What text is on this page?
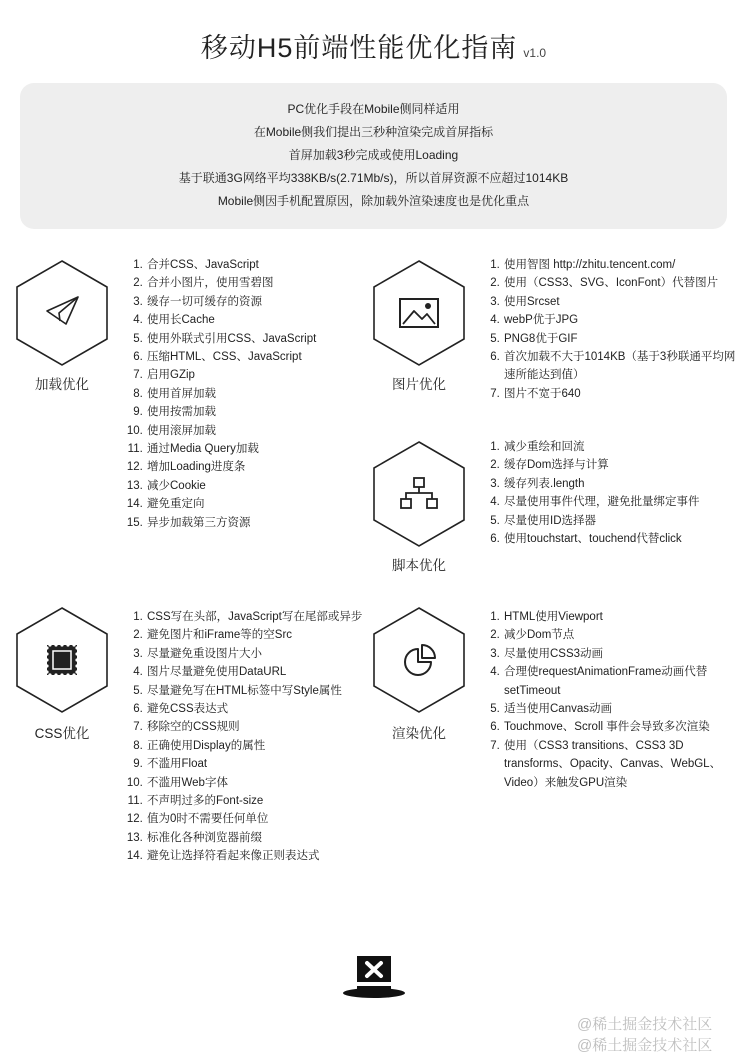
移动H5前端性能优化指南 v1.0
PC优化手段在Mobile侧同样适用
在Mobile侧我们提出三秒种渲染完成首屏指标
首屏加载3秒完成或使用Loading
基于联通3G网络平均338KB/s(2.71Mb/s)，所以首屏资源不应超过1014KB
Mobile侧因手机配置原因，除加载外渲染速度也是优化重点
加载优化
1. 合并CSS、JavaScript
2. 合并小图片，使用雪碧图
3. 缓存一切可缓存的资源
4. 使用长Cache
5. 使用外联式引用CSS、JavaScript
6. 压缩HTML、CSS、JavaScript
7. 启用GZip
8. 使用首屏加载
9. 使用按需加载
10. 使用滚屏加载
11. 通过Media Query加载
12. 增加Loading进度条
13. 减少Cookie
14. 避免重定向
15. 异步加载第三方资源
图片优化
1. 使用智图 http://zhitu.tencent.com/
2. 使用（CSS3、SVG、IconFont）代替图片
3. 使用Srcset
4. webP优于JPG
5. PNG8优于GIF
6. 首次加载不大于1014KB（基于3秒联通平均网速所能达到值）
7. 图片不宽于640
脚本优化
1. 减少重绘和回流
2. 缓存Dom选择与计算
3. 缓存列表.length
4. 尽量使用事件代理，避免批量绑定事件
5. 尽量使用ID选择器
6. 使用touchstart、touchend代替click
CSS优化
1. CSS写在头部，JavaScript写在尾部或异步
2. 避免图片和iFrame等的空Src
3. 尽量避免重设图片大小
4. 图片尽量避免使用DataURL
5. 尽量避免写在HTML标签中写Style属性
6. 避免CSS表达式
7. 移除空的CSS规则
8. 正确使用Display的属性
9. 不滥用Float
10. 不滥用Web字体
11. 不声明过多的Font-size
12. 值为0时不需要任何单位
13. 标准化各种浏览器前缀
14. 避免让选择符看起来像正则表达式
渲染优化
1. HTML使用Viewport
2. 减少Dom节点
3. 尽量使用CSS3动画
4. 合理使requestAnimationFrame动画代替setTimeout
5. 适当使用Canvas动画
6. Touchmove、Scroll 事件会导致多次渲染
7. 使用（CSS3 transitions、CSS3 3D transforms、Opacity、Canvas、WebGL、Video）来触发GPU渲染
@稀土掘金技术社区
@稀土掘金技术社区
